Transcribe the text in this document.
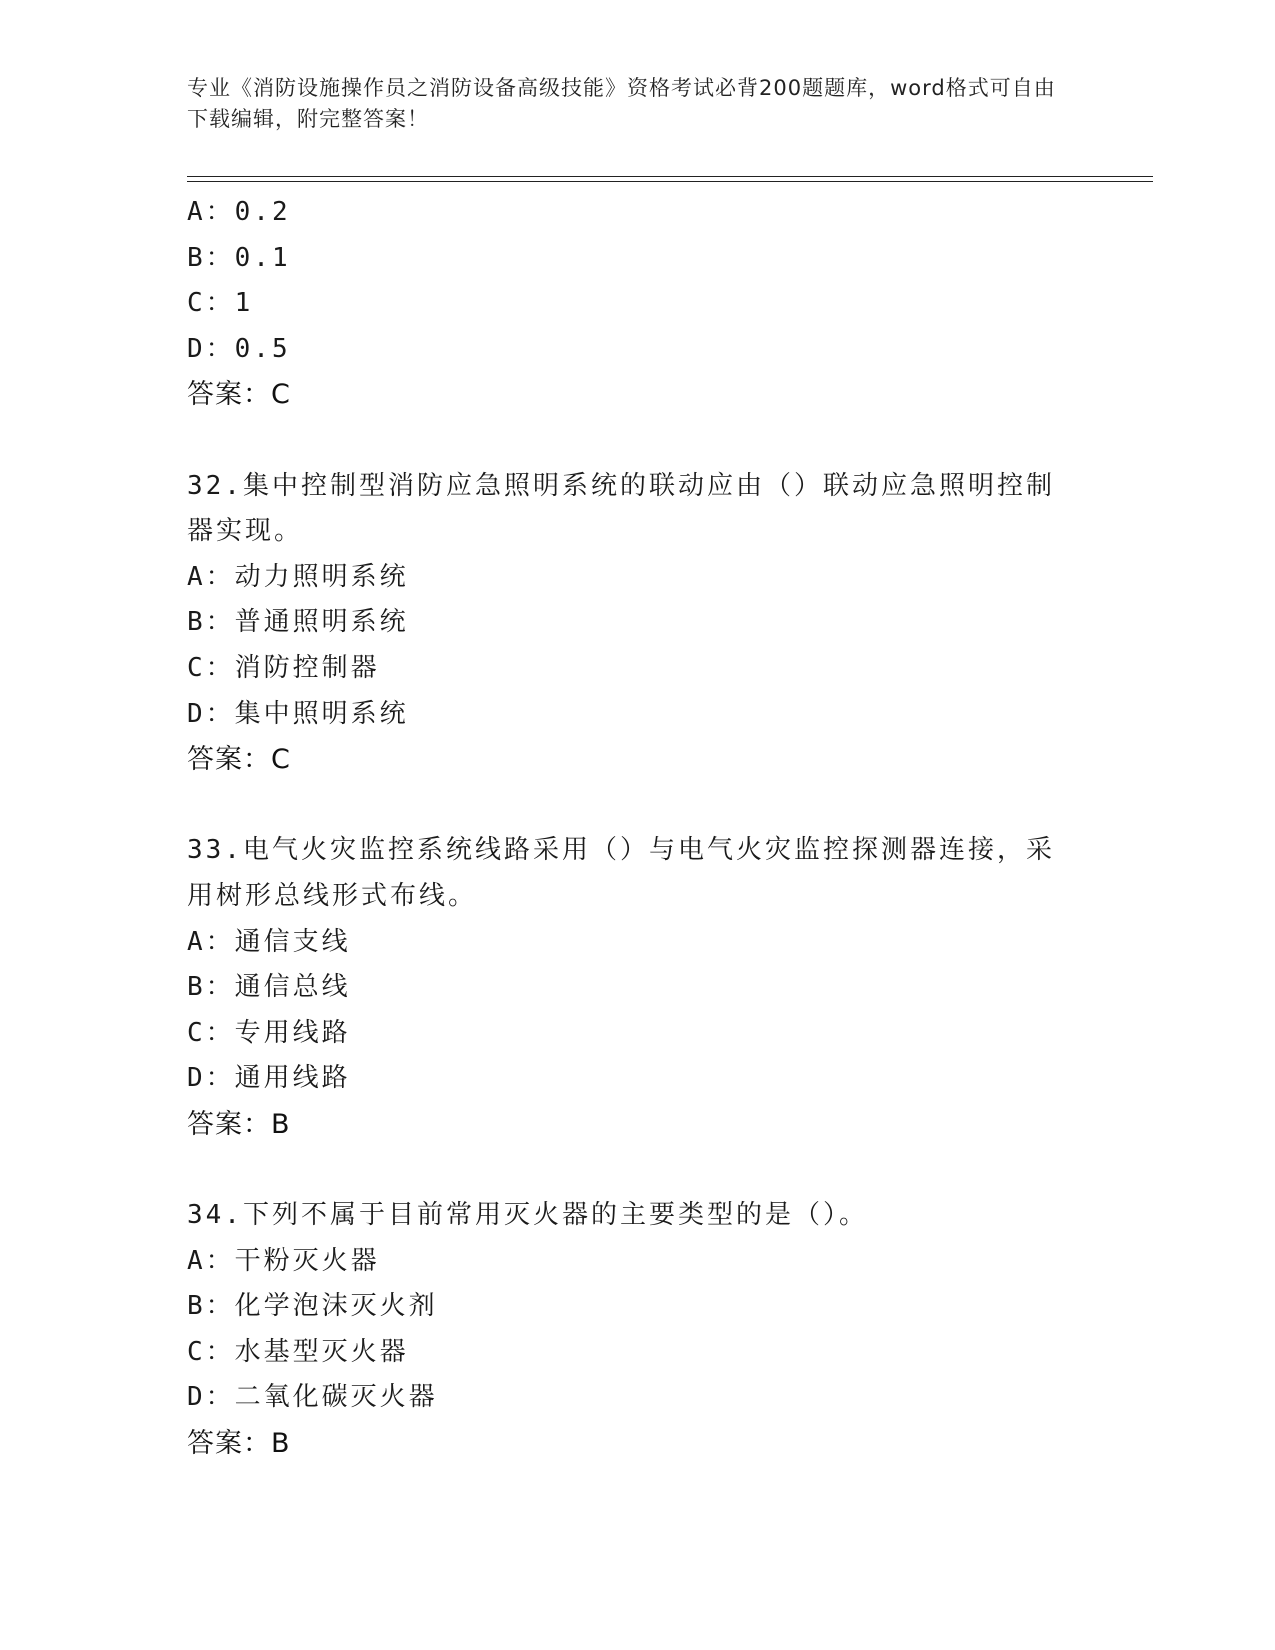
专业《消防设施操作员之消防设备高级技能》资格考试必背200题题库，word格式可自由下载编辑，附完整答案！
A：0.2
B：0.1
C：1
D：0.5
答案：C
32.集中控制型消防应急照明系统的联动应由（）联动应急照明控制器实现。
A：动力照明系统
B：普通照明系统
C：消防控制器
D：集中照明系统
答案：C
33.电气火灾监控系统线路采用（）与电气火灾监控探测器连接，采用树形总线形式布线。
A：通信支线
B：通信总线
C：专用线路
D：通用线路
答案：B
34.下列不属于目前常用灭火器的主要类型的是（）。
A：干粉灭火器
B：化学泡沫灭火剂
C：水基型灭火器
D：二氧化碳灭火器
答案：B
